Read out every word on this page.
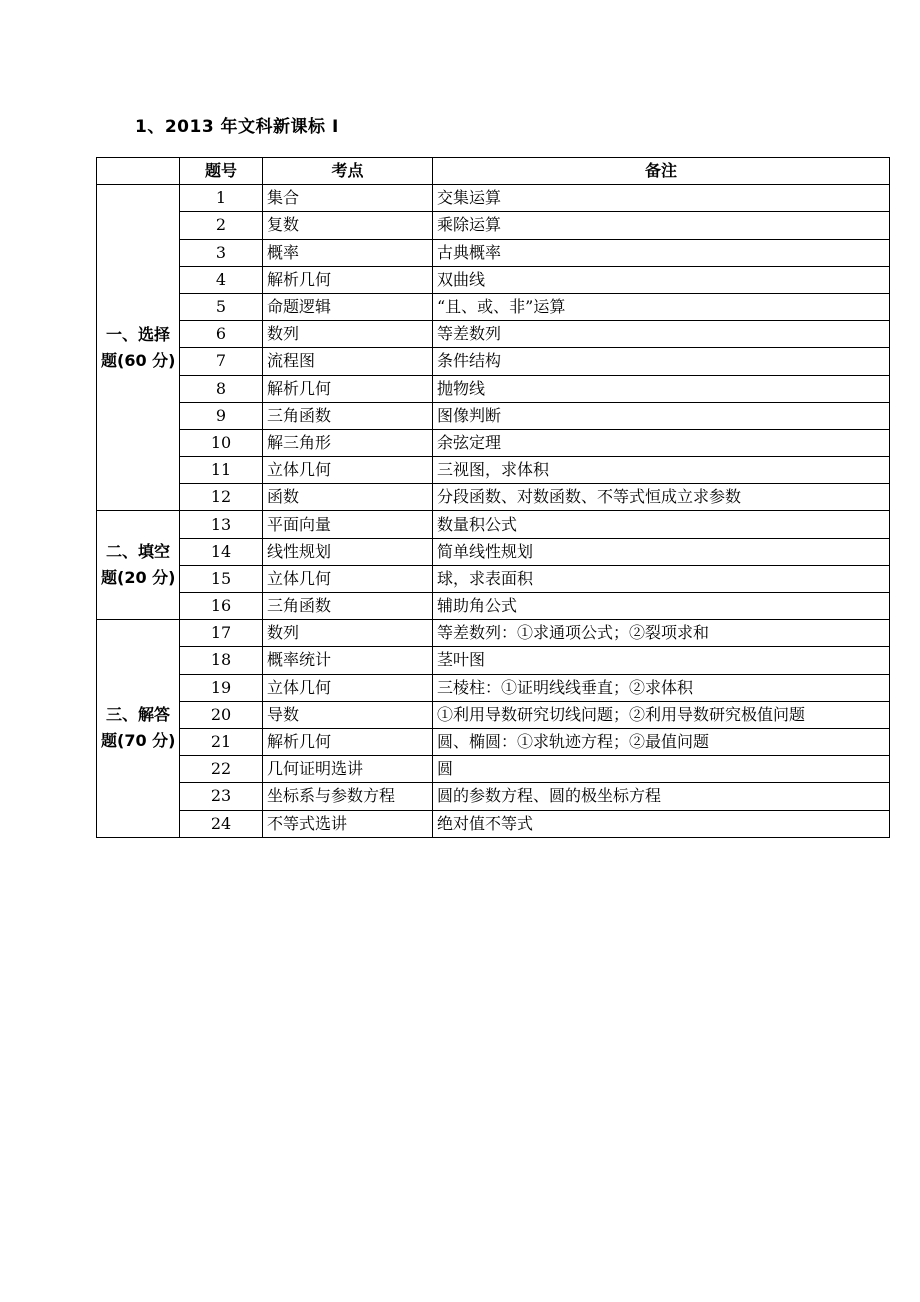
1、2013 年文科新课标 I
	题号	考点	备注

一、选择
题(60 分)	1	集合	交集运算
	2	复数	乘除运算
	3	概率	古典概率
	4	解析几何	双曲线
	5	命题逻辑	“且、或、非”运算
	6	数列	等差数列
	7	流程图	条件结构
	8	解析几何	抛物线
	9	三角函数	图像判断
	10	解三角形	余弦定理
	11	立体几何	三视图，求体积
	12	函数	分段函数、对数函数、不等式恒成立求参数

二、填空
题(20 分)	13	平面向量	数量积公式
	14	线性规划	简单线性规划
	15	立体几何	球，求表面积
	16	三角函数	辅助角公式

三、解答
题(70 分)	17	数列	等差数列：①求通项公式；②裂项求和
	18	概率统计	茎叶图
	19	立体几何	三棱柱：①证明线线垂直；②求体积
	20	导数	①利用导数研究切线问题；②利用导数研究极值问题
	21	解析几何	圆、椭圆：①求轨迹方程；②最值问题
	22	几何证明选讲	圆
	23	坐标系与参数方程	圆的参数方程、圆的极坐标方程
	24	不等式选讲	绝对值不等式
